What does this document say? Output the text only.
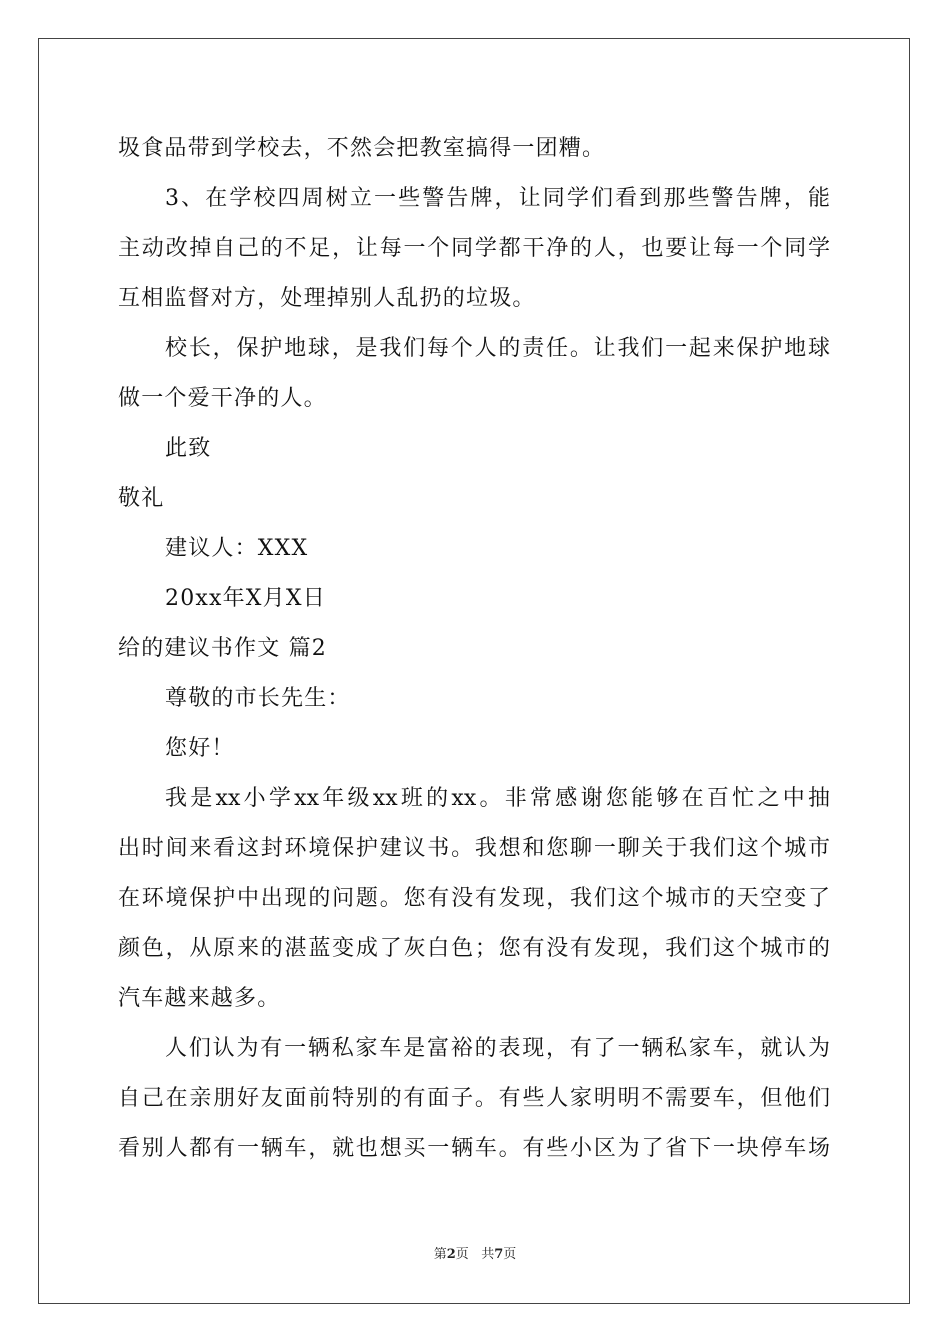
圾食品带到学校去，不然会把教室搞得一团糟。
3、在学校四周树立一些警告牌，让同学们看到那些警告牌，能
主动改掉自己的不足，让每一个同学都干净的人，也要让每一个同学
互相监督对方，处理掉别人乱扔的垃圾。
校长，保护地球，是我们每个人的责任。让我们一起来保护地球
做一个爱干净的人。
此致
敬礼
建议人：XXX
20xx年X月X日
给的建议书作文 篇2
尊敬的市长先生：
您好！
我是xx小学xx年级xx班的xx。非常感谢您能够在百忙之中抽
出时间来看这封环境保护建议书。我想和您聊一聊关于我们这个城市
在环境保护中出现的问题。您有没有发现，我们这个城市的天空变了
颜色，从原来的湛蓝变成了灰白色；您有没有发现，我们这个城市的
汽车越来越多。
人们认为有一辆私家车是富裕的表现，有了一辆私家车，就认为
自己在亲朋好友面前特别的有面子。有些人家明明不需要车，但他们
看别人都有一辆车，就也想买一辆车。有些小区为了省下一块停车场
第2页   共7页
